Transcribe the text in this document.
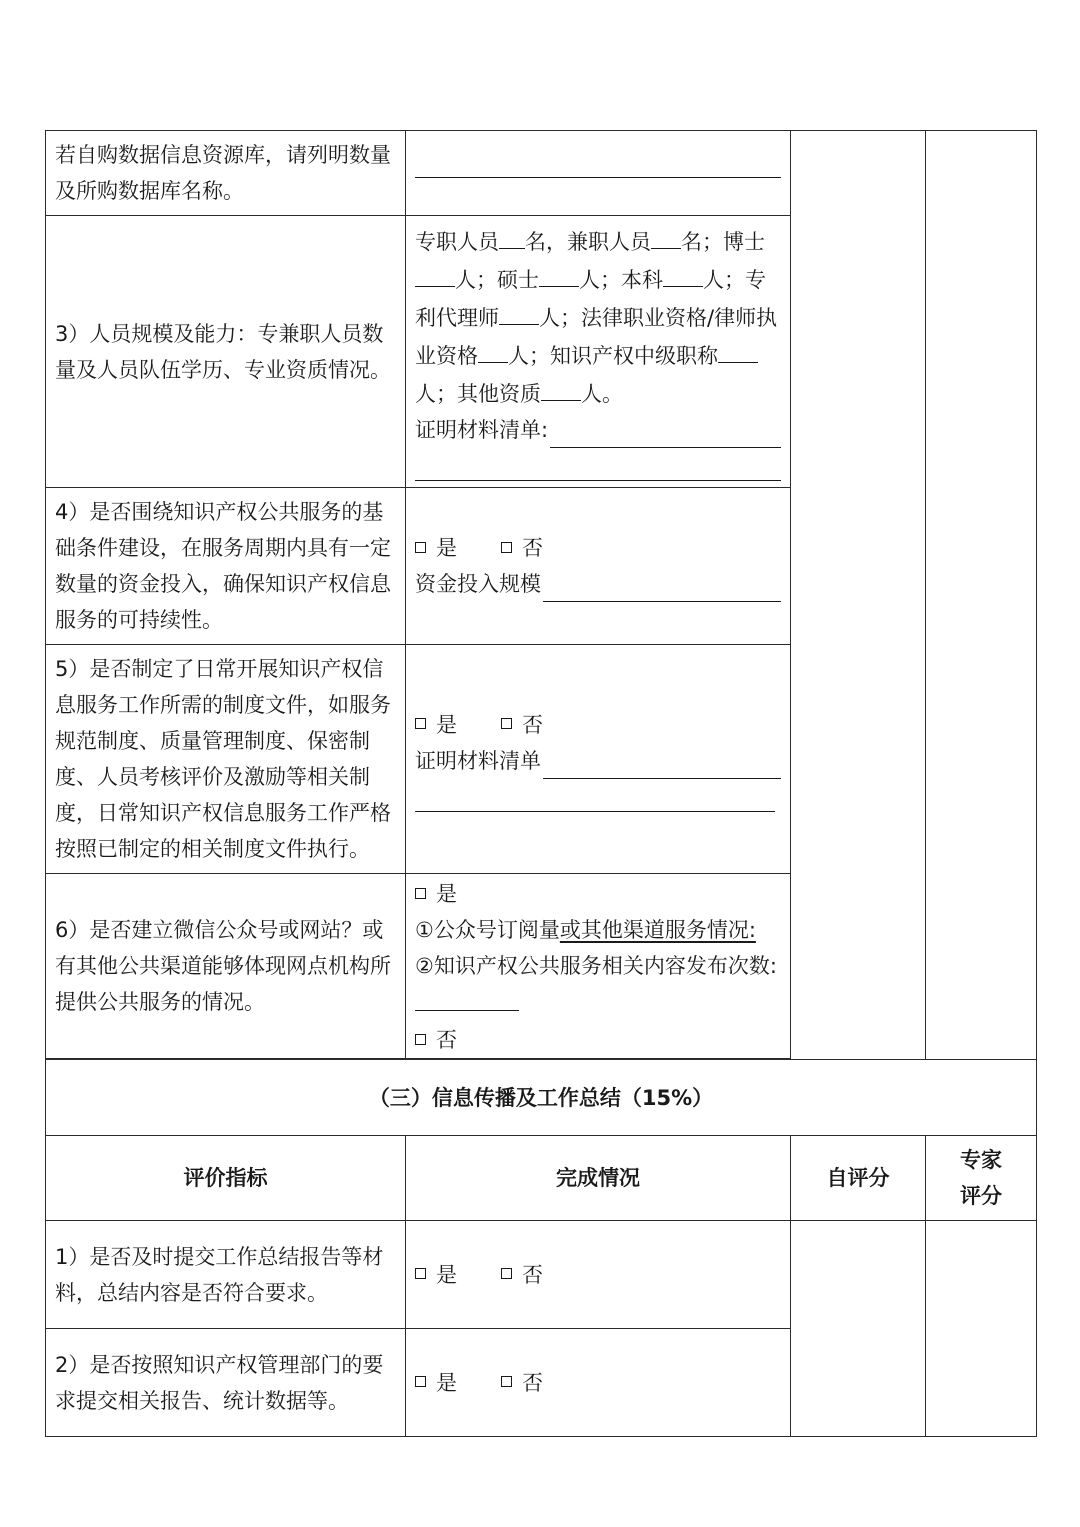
若自购数据信息资源库，请列明数量及所购数据库名称。	

3）人员规模及能力：专兼职人员数量及人员队伍学历、专业资质情况。	专职人员 名，兼职人员 名；博士人；硕士 人；本科 人；专利代理师 人；法律职业资格/律师执业资格 人；知识产权中级职称人；其他资质 人。
证明材料清单:		

4）是否围绕知识产权公共服务的基础条件建设，在服务周期内具有一定数量的资金投入，确保知识产权信息服务的可持续性。	是 否
资金投入规模		

5）是否制定了日常开展知识产权信息服务工作所需的制度文件，如服务规范制度、质量管理制度、保密制度、人员考核评价及激励等相关制度，日常知识产权信息服务工作严格按照已制定的相关制度文件执行。	是 否
证明材料清单		

6）是否建立微信公众号或网站？或有其他公共渠道能够体现网点机构所提供公共服务的情况。	是
①公众号订阅量或其他渠道服务情况:
②知识产权公共服务相关内容发布次数:
否		

（三）信息传播及工作总结（15%）			
评价指标	完成情况	自评分	专家
评分

1）是否及时提交工作总结报告等材料，总结内容是否符合要求。	是 否		
2）是否按照知识产权管理部门的要求提交相关报告、统计数据等。	是 否		
